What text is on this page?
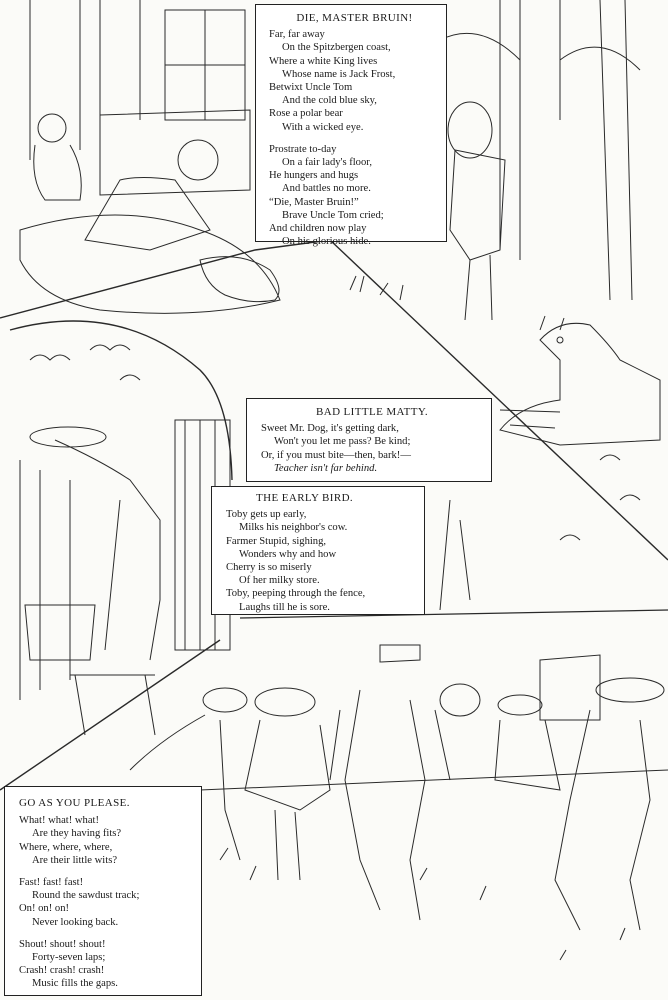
DIE, MASTER BRUIN!
Far, far away
On the Spitzbergen coast,
Where a white King lives
Whose name is Jack Frost,
Betwixt Uncle Tom
And the cold blue sky,
Rose a polar bear
With a wicked eye.
Prostrate to-day
On a fair lady's floor,
He hungers and hugs
And battles no more.
“Die, Master Bruin!”
Brave Uncle Tom cried;
And children now play
On his glorious hide.
BAD LITTLE MATTY.
Sweet Mr. Dog, it's getting dark,
Won't you let me pass? Be kind;
Or, if you must bite—then, bark!—
Teacher isn't far behind.
THE EARLY BIRD.
Toby gets up early,
Milks his neighbor's cow.
Farmer Stupid, sighing,
Wonders why and how
Cherry is so miserly
Of her milky store.
Toby, peeping through the fence,
Laughs till he is sore.
GO AS YOU PLEASE.
What! what! what!
Are they having fits?
Where, where, where,
Are their little wits?
Fast! fast! fast!
Round the sawdust track;
On! on! on!
Never looking back.
Shout! shout! shout!
Forty-seven laps;
Crash! crash! crash!
Music fills the gaps.
